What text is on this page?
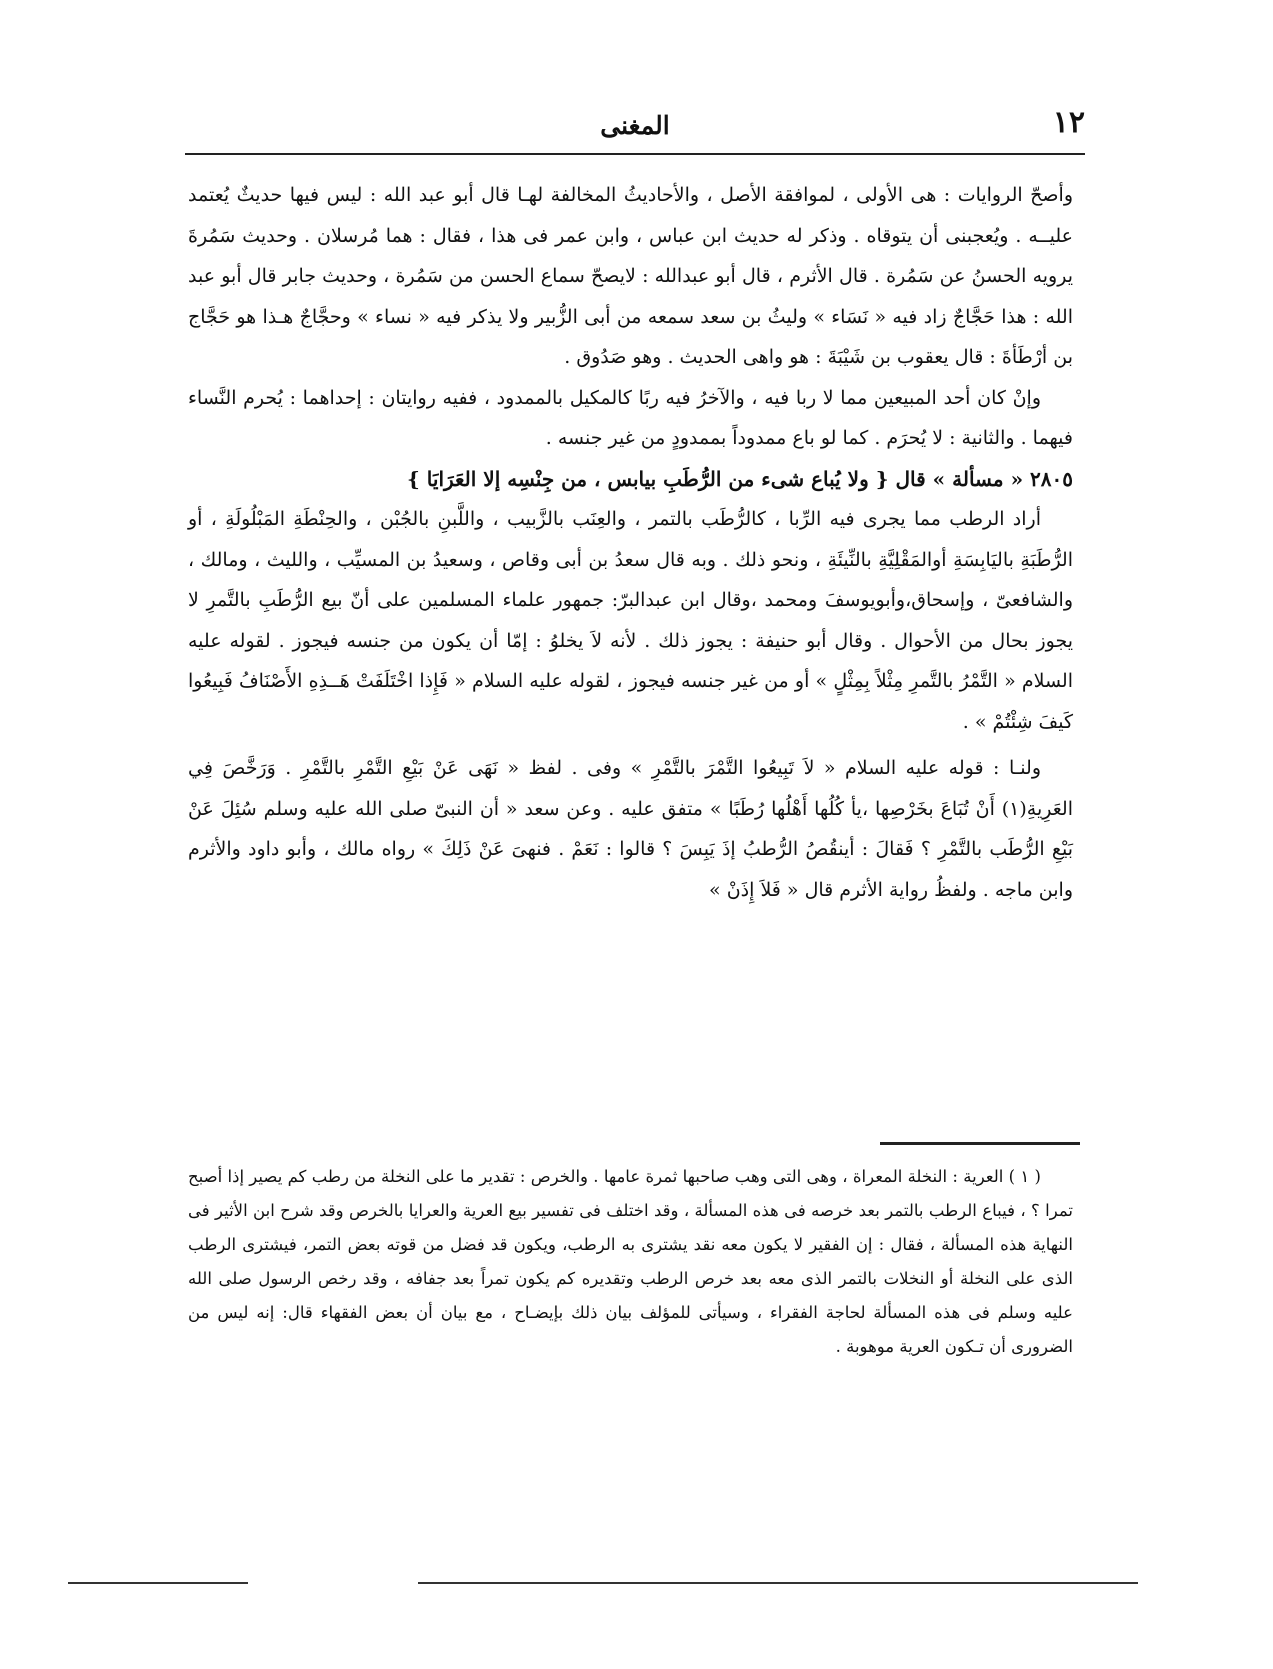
١٢
المغنى

وأصحّ الروايات : هى الأولى ، لموافقة الأصل ، والأحاديثُ المخالفة لهـا قال أبو عبد الله : ليس فيها حديثٌ يُعتمد عليــه . ويُعجبنى أن يتوقاه . وذكر له حديث ابن عباس ، وابن عمر فى هذا ، فقال : هما مُرسلان . وحديث سَمُرةَ يرويه الحسنُ عن سَمُرة . قال الأثرم ، قال أبو عبدالله : لايصحّ سماع الحسن من سَمُرة ، وحديث جابر قال أبو عبد الله : هذا حَجَّاجٌ زاد فيه « نَسَاء » وليثُ بن سعد سمعه من أبى الزُّبير ولا يذكر فيه « نساء » وحجَّاجٌ هـذا هو حَجَّاج بن أرْطَأةَ : قال يعقوب بن شَيْبَةَ : هو واهى الحديث . وهو صَدُوق .

وإنْ كان أحد المبيعين مما لا ربا فيه ، والآخرُ فيه ربًا كالمكيل بالممدود ، ففيه روايتان : إحداهما : يُحرم النَّساء فيهما . والثانية : لا يُحرَم . كما لو باع ممدوداً بممدودٍ من غير جنسه .

٢٨٠٥ « مسألة » قال { ولا يُباع شىء من الرُّطَبِ بيابس ، من جِنْسِه إلا العَرَايَا }

أراد الرطب مما يجرى فيه الرِّبا ، كالرُّطَب بالتمر ، والعِنَب بالزَّبيب ، واللَّبنِ بالجُبْن ، والحِنْطَةِ المَبْلُولَةِ ، أو الرُّطَبَةِ باليَابِسَةِ أوالمَقْلِيَّةِ بالنِّيئَةِ ، ونحو ذلك . وبه قال سعدُ بن أبى وقاص ، وسعيدُ بن المسيِّب ، والليث ، ومالك ، والشافعىّ ، وإسحاق،وأبويوسفَ ومحمد ،وقال ابن عبدالبرّ: جمهور علماء المسلمين على أنّ بيع الرُّطَبِ بالتَّمرِ لا يجوز بحال من الأحوال . وقال أبو حنيفة : يجوز ذلك . لأنه لاَ يخلوُ : إمّا أن يكون من جنسه فيجوز . لقوله عليه السلام « التَّمْرُ بالتَّمرِ مِثْلاً بِمِثْلٍ » أو من غير جنسه فيجوز ، لقوله عليه السلام « فَإِذا اخْتَلَفَتْ هَــذِهِ الأَصْنَافُ فَبِيعُوا كَيفَ شِئْتُمْ » .

ولنـا : قوله عليه السلام « لاَ تَبِيعُوا التَّمْرَ بالتَّمْرِ » وفى . لفظ « نَهَى عَنْ بَيْعِ التَّمْرِ بالتَّمْرِ . وَرَخَّصَ فِي العَرِيةِ(١) أَنْ تُبَاعَ بخَرْصِها ،يأ كُلُها أَهْلُها رُطَبًا » متفق عليه . وعن سعد « أن النبىّ صلى الله عليه وسلم سُئِلَ عَنْ بَيْعِ الرُّطَب بالتَّمْرِ ؟ فَقالَ : أينقُصُ الرُّطبُ إذَ يَبِسَ ؟ قالوا : نَعَمْ . فنهىَ عَنْ ذَلِكَ » رواه مالك ، وأبو داود والأثرم وابن ماجه . ولفظُ رواية الأثرم قال « فَلاَ إِذَنْ »

( ١ ) العرية : النخلة المعراة ، وهى التى وهب صاحبها ثمرة عامها . والخرص : تقدير ما على النخلة من رطب كم يصير إذا أصبح تمرا ؟ ، فيباع الرطب بالتمر بعد خرصه فى هذه المسألة ، وقد اختلف فى تفسير بيع العرية والعرايا بالخرص وقد شرح ابن الأثير فى النهاية هذه المسألة ، فقال : إن الفقير لا يكون معه نقد يشترى به الرطب، ويكون قد فضل من قوته بعض التمر، فيشترى الرطب الذى على النخلة أو النخلات بالتمر الذى معه بعد خرص الرطب وتقديره كم يكون تمراً بعد جفافه ، وقد رخص الرسول صلى الله عليه وسلم فى هذه المسألة لحاجة الفقراء ، وسيأتى للمؤلف بيان ذلك بإيضـاح ، مع بيان أن بعض الفقهاء قال: إنه ليس من الضرورى أن تـكون العرية موهوبة .
